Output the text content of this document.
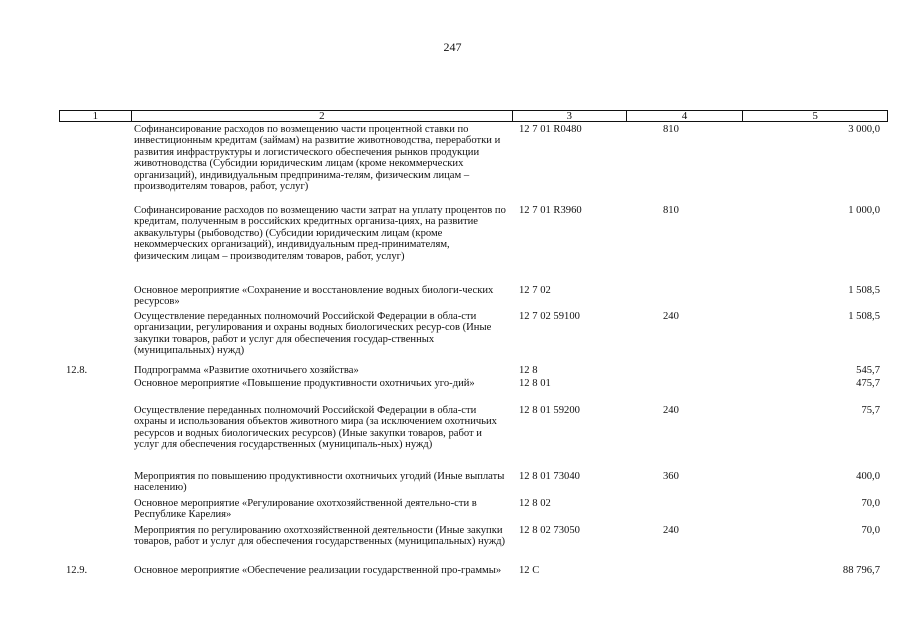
247
1	2	3	4	5
Софинансирование расходов по возмещению части процентной ставки по инвестиционным кредитам (займам) на развитие животноводства, переработки и развития инфраструктуры и логистического обеспечения рынков продукции животноводства (Субсидии юридическим лицам (кроме некоммерческих организаций), индивидуальным предпринима-телям, физическим лицам – производителям товаров, работ, услуг)
12 7 01 R0480	810	3 000,0
Софинансирование расходов по возмещению части затрат на уплату процентов по кредитам, полученным в российских кредитных организа-циях, на развитие аквакультуры (рыбоводство) (Субсидии юридическим лицам (кроме некоммерческих организаций), индивидуальным пред-принимателям, физическим лицам – производителям товаров, работ, услуг)
12 7 01 R3960	810	1 000,0
Основное мероприятие «Сохранение и восстановление водных биологи-ческих ресурсов»
12 7 02	1 508,5
Осуществление переданных полномочий Российской Федерации в обла-сти организации, регулирования и охраны водных биологических ресур-сов (Иные закупки товаров, работ и услуг для обеспечения государ-ственных (муниципальных) нужд)
12 7 02 59100	240	1 508,5
12.8.	Подпрограмма «Развитие охотничьего хозяйства»	12 8	545,7
Основное мероприятие «Повышение продуктивности охотничьих уго-дий»	12 8 01	475,7
Осуществление переданных полномочий Российской Федерации в обла-сти охраны и использования объектов животного мира (за исключением охотничьих ресурсов и водных биологических ресурсов) (Иные закупки товаров, работ и услуг для обеспечения государственных (муниципаль-ных) нужд)
12 8 01 59200	240	75,7
Мероприятия по повышению продуктивности охотничьих угодий (Иные выплаты населению)
12 8 01 73040	360	400,0
Основное мероприятие «Регулирование охотхозяйственной деятельно-сти в Республике Карелия»
12 8 02	70,0
Мероприятия по регулированию охотхозяйственной деятельности (Иные закупки товаров, работ и услуг для обеспечения государственных (муниципальных) нужд)
12 8 02 73050	240	70,0
12.9.	Основное мероприятие «Обеспечение реализации государственной про-граммы»	12 С	88 796,7
